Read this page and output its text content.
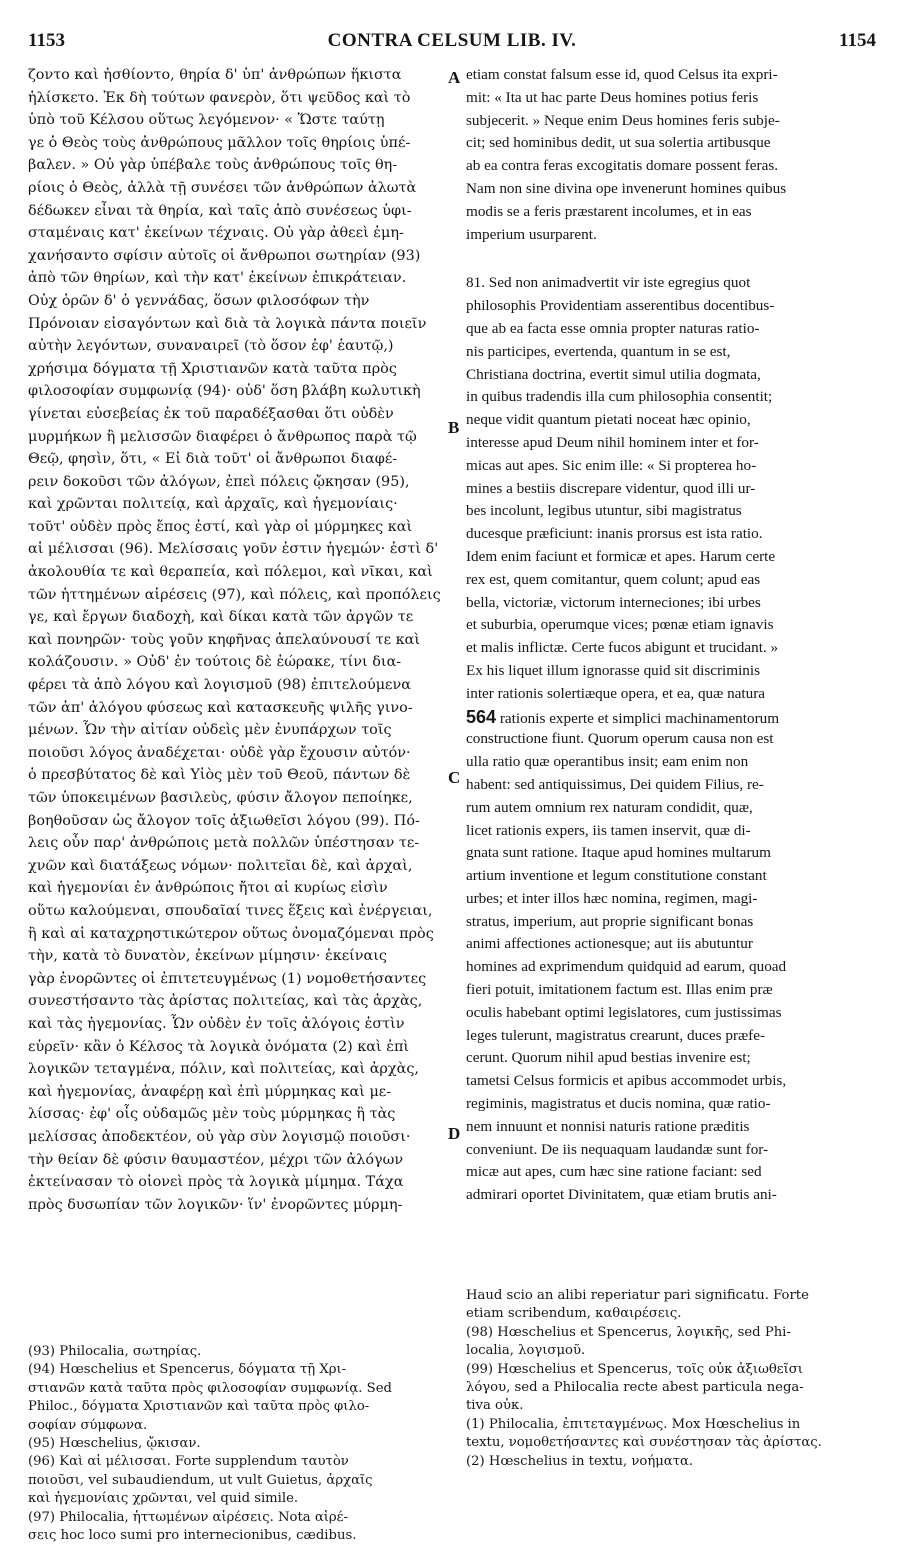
1153	CONTRA CELSUM LIB. IV.	1154
ζοντο καὶ ἠσθίοντο, θηρία δ' ὑπ' ἀνθρώπων ἥκιστα
ἡλίσκετο. Ἐκ δὴ τούτων φανερὸν, ὅτι ψεῦδος καὶ τὸ
ὑπὸ τοῦ Κέλσου οὕτως λεγόμενον· « Ὥστε ταύτῃ
γε ὁ Θεὸς τοὺς ἀνθρώπους μᾶλλον τοῖς θηρίοις ὑπέ-
βαλεν. » Οὐ γὰρ ὑπέβαλε τοὺς ἀνθρώπους τοῖς θη-
ρίοις ὁ Θεὸς, ἀλλὰ τῇ συνέσει τῶν ἀνθρώπων ἁλωτὰ
δέδωκεν εἶναι τὰ θηρία, καὶ ταῖς ἀπὸ συνέσεως ὑφι-
σταμέναις κατ' ἐκείνων τέχναις. Οὐ γὰρ ἀθεεὶ ἐμη-
χανήσαντο σφίσιν αὐτοῖς οἱ ἄνθρωποι σωτηρίαν (93)
ἀπὸ τῶν θηρίων, καὶ τὴν κατ' ἐκείνων ἐπικράτειαν.
Οὐχ ὁρῶν δ' ὁ γεννάδας, ὅσων φιλοσόφων τὴν
Πρόνοιαν εἰσαγόντων καὶ διὰ τὰ λογικὰ πάντα ποιεῖν
αὐτὴν λεγόντων, συναναιρεῖ (τὸ ὅσον ἐφ' ἑαυτῷ,)
χρήσιμα δόγματα τῇ Χριστιανῶν κατὰ ταῦτα πρὸς
φιλοσοφίαν συμφωνίᾳ (94)· οὐδ' ὅση βλάβη κωλυτικὴ
γίνεται εὐσεβείας ἐκ τοῦ παραδέξασθαι ὅτι οὐδὲν
μυρμήκων ἢ μελισσῶν διαφέρει ὁ ἄνθρωπος παρὰ τῷ
Θεῷ, φησὶν, ὅτι, « Εἰ διὰ τοῦτ' οἱ ἄνθρωποι διαφέ-
ρειν δοκοῦσι τῶν ἀλόγων, ἐπεὶ πόλεις ᾤκησαν (95),
καὶ χρῶνται πολιτείᾳ, καὶ ἀρχαῖς, καὶ ἡγεμονίαις·
τοῦτ' οὐδὲν πρὸς ἔπος ἐστί, καὶ γὰρ οἱ μύρμηκες καὶ
αἱ μέλισσαι (96). Μελίσσαις γοῦν ἐστιν ἡγεμών· ἐστὶ δ'
ἀκολουθία τε καὶ θεραπεία, καὶ πόλεμοι, καὶ νῖκαι, καὶ
τῶν ἡττημένων αἱρέσεις (97), καὶ πόλεις, καὶ προπόλεις
γε, καὶ ἔργων διαδοχὴ, καὶ δίκαι κατὰ τῶν ἀργῶν τε
καὶ πονηρῶν· τοὺς γοῦν κηφῆνας ἀπελαύνουσί τε καὶ
κολάζουσιν. » Οὐδ' ἐν τούτοις δὲ ἑώρακε, τίνι δια-
φέρει τὰ ἀπὸ λόγου καὶ λογισμοῦ (98) ἐπιτελούμενα
τῶν ἀπ' ἀλόγου φύσεως καὶ κατασκευῆς ψιλῆς γινο-
μένων. Ὧν τὴν αἰτίαν οὐδεὶς μὲν ἐνυπάρχων τοῖς
ποιοῦσι λόγος ἀναδέχεται· οὐδὲ γὰρ ἔχουσιν αὐτόν·
ὁ πρεσβύτατος δὲ καὶ Υἱὸς μὲν τοῦ Θεοῦ, πάντων δὲ
τῶν ὑποκειμένων βασιλεὺς, φύσιν ἄλογον πεποίηκε,
βοηθοῦσαν ὡς ἄλογον τοῖς ἀξιωθεῖσι λόγου (99). Πό-
λεις οὖν παρ' ἀνθρώποις μετὰ πολλῶν ὑπέστησαν τε-
χνῶν καὶ διατάξεως νόμων· πολιτεῖαι δὲ, καὶ ἀρχαὶ,
καὶ ἡγεμονίαι ἐν ἀνθρώποις ἤτοι αἱ κυρίως εἰσὶν
οὕτω καλούμεναι, σπουδαῖαί τινες ἕξεις καὶ ἐνέργειαι,
ἢ καὶ αἱ καταχρηστικώτερον οὕτως ὀνομαζόμεναι πρὸς
τὴν, κατὰ τὸ δυνατὸν, ἐκείνων μίμησιν· ἐκείναις
γὰρ ἐνορῶντες οἱ ἐπιτετευγμένως (1) νομοθετήσαντες
συνεστήσαντο τὰς ἀρίστας πολιτείας, καὶ τὰς ἀρχὰς,
καὶ τὰς ἡγεμονίας. Ὧν οὐδὲν ἐν τοῖς ἀλόγοις ἐστὶν
εὑρεῖν· κἂν ὁ Κέλσος τὰ λογικὰ ὀνόματα (2) καὶ ἐπὶ
λογικῶν τεταγμένα, πόλιν, καὶ πολιτείας, καὶ ἀρχὰς,
καὶ ἡγεμονίας, ἀναφέρῃ καὶ ἐπὶ μύρμηκας καὶ με-
λίσσας· ἐφ' οἷς οὐδαμῶς μὲν τοὺς μύρμηκας ἢ τὰς
μελίσσας ἀποδεκτέον, οὐ γὰρ σὺν λογισμῷ ποιοῦσι·
τὴν θείαν δὲ φύσιν θαυμαστέον, μέχρι τῶν ἀλόγων
ἐκτείνασαν τὸ οἱονεὶ πρὸς τὰ λογικὰ μίμημα. Τάχα
πρὸς δυσωπίαν τῶν λογικῶν· ἵν' ἐνορῶντες μύρμη-
A
B
C
D
etiam constat falsum esse id, quod Celsus ita expri-
mit: « Ita ut hac parte Deus homines potius feris
subjecerit. » Neque enim Deus homines feris subje-
cit; sed hominibus dedit, ut sua solertia artibusque
ab ea contra feras excogitatis domare possent feras.
Nam non sine divina ope invenerunt homines quibus
modis se a feris præstarent incolumes, et in eas
imperium usurparent.
81. Sed non animadvertit vir iste egregius quot
philosophis Providentiam asserentibus docentibus-
que ab ea facta esse omnia propter naturas ratio-
nis participes, evertenda, quantum in se est,
Christiana doctrina, evertit simul utilia dogmata,
in quibus tradendis illa cum philosophia consentit;
neque vidit quantum pietati noceat hæc opinio,
interesse apud Deum nihil hominem inter et for-
micas aut apes. Sic enim ille: « Si propterea ho-
mines a bestiis discrepare videntur, quod illi ur-
bes incolunt, legibus utuntur, sibi magistratus
ducesque præficiunt: inanis prorsus est ista ratio.
Idem enim faciunt et formicæ et apes. Harum certe
rex est, quem comitantur, quem colunt; apud eas
bella, victoriæ, victorum interneciones; ibi urbes
et suburbia, operumque vices; pœnæ etiam ignavis
et malis inflictæ. Certe fucos abigunt et trucidant. »
Ex his liquet illum ignorasse quid sit discriminis
inter rationis solertiæque opera, et ea, quæ natura
564 rationis experte et simplici machinamentorum
constructione fiunt. Quorum operum causa non est
ulla ratio quæ operantibus insit; eam enim non
habent: sed antiquissimus, Dei quidem Filius, re-
rum autem omnium rex naturam condidit, quæ,
licet rationis expers, iis tamen inservit, quæ di-
gnata sunt ratione. Itaque apud homines multarum
artium inventione et legum constitutione constant
urbes; et inter illos hæc nomina, regimen, magi-
stratus, imperium, aut proprie significant bonas
animi affectiones actionesque; aut iis abutuntur
homines ad exprimendum quidquid ad earum, quoad
fieri potuit, imitationem factum est. Illas enim præ
oculis habebant optimi legislatores, cum justissimas
leges tulerunt, magistratus crearunt, duces præfe-
cerunt. Quorum nihil apud bestias invenire est;
tametsi Celsus formicis et apibus accommodet urbis,
regiminis, magistratus et ducis nomina, quæ ratio-
nem innuunt et nonnisi naturis ratione præditis
conveniunt. De iis nequaquam laudandæ sunt for-
micæ aut apes, cum hæc sine ratione faciant: sed
admirari oportet Divinitatem, quæ etiam brutis ani-
(93) Philocalia, σωτηρίας.
(94) Hœschelius et Spencerus, δόγματα τῇ Χρι-
στιανῶν κατὰ ταῦτα πρὸς φιλοσοφίαν συμφωνίᾳ. Sed
Philoc., δόγματα Χριστιανῶν καὶ ταῦτα πρὸς φιλο-
σοφίαν σύμφωνα.
(95) Hœschelius, ᾤκισαν.
(96) Καὶ αἱ μέλισσαι. Forte supplendum ταυτὸν
ποιοῦσι, vel subaudiendum, ut vult Guietus, ἀρχαῖς
καὶ ἡγεμονίαις χρῶνται, vel quid simile.
(97) Philocalia, ἡττωμένων αἱρέσεις. Nota αἱρέ-
σεις hoc loco sumi pro internecionibus, cædibus.
Haud scio an alibi reperiatur pari significatu. Forte
etiam scribendum, καθαιρέσεις.
(98) Hœschelius et Spencerus, λογικῆς, sed Phi-
localia, λογισμοῦ.
(99) Hœschelius et Spencerus, τοῖς οὐκ ἀξιωθεῖσι
λόγου, sed a Philocalia recte abest particula nega-
tiva οὐκ.
(1) Philocalia, ἐπιτεταγμένως. Mox Hœschelius in
textu, νομοθετήσαντες καὶ συνέστησαν τὰς ἀρίστας.
(2) Hœschelius in textu, νοήματα.
